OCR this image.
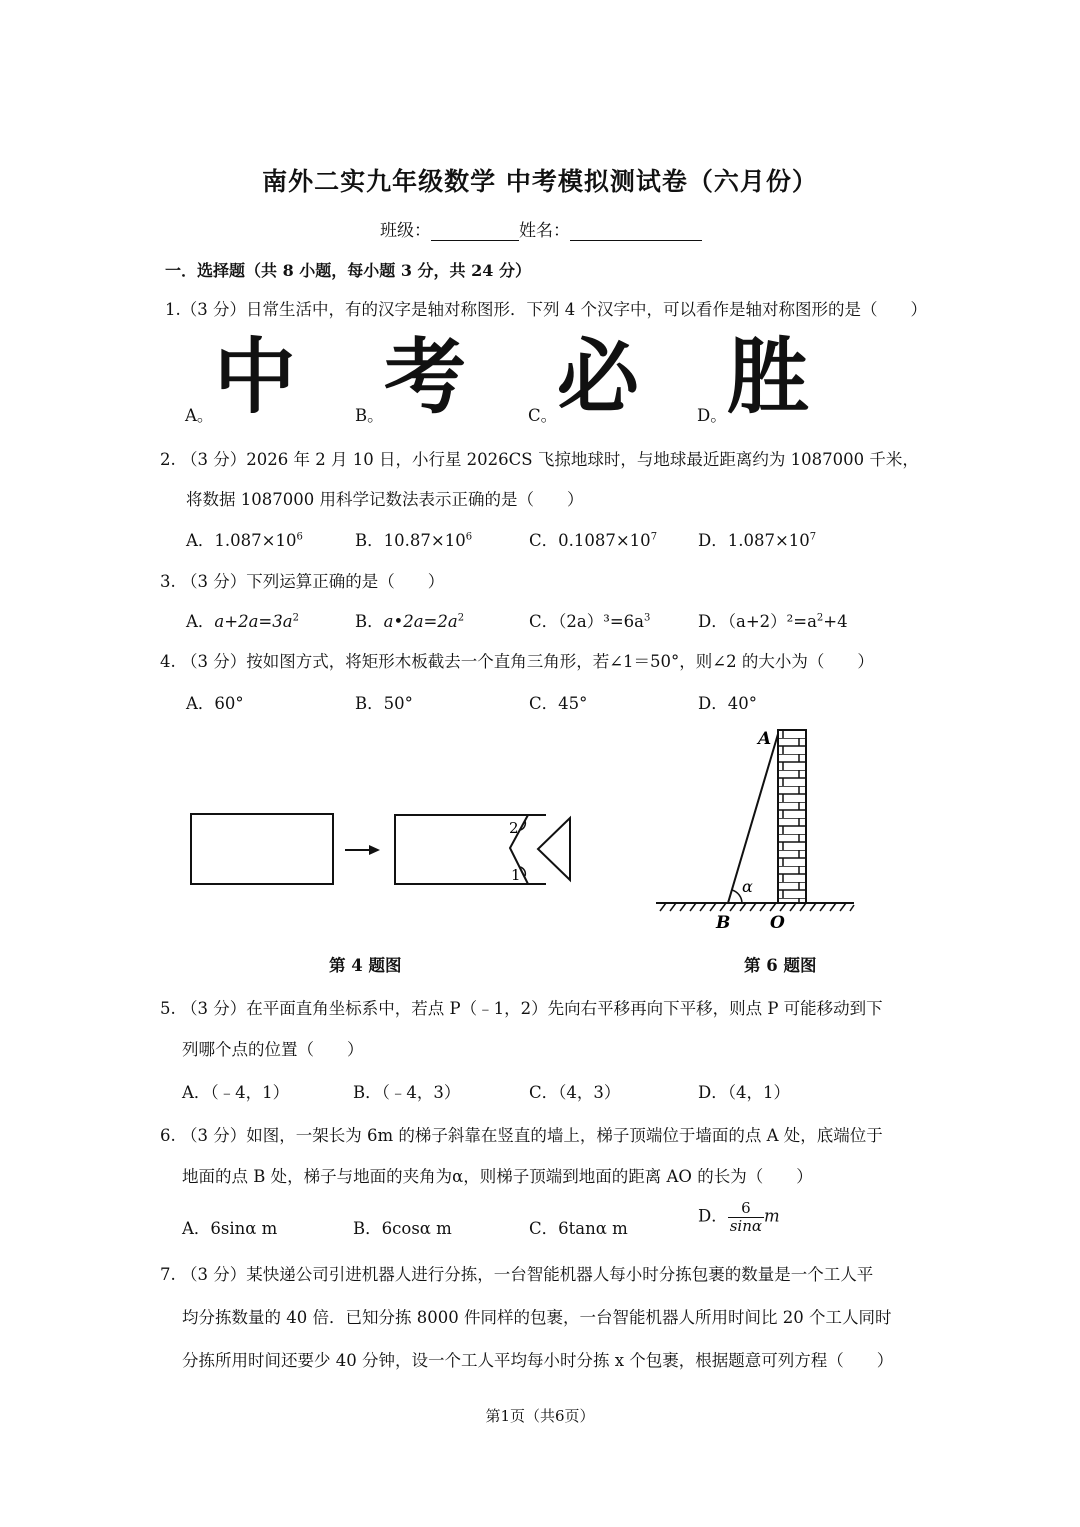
南外二实九年级数学 中考模拟测试卷（六月份）
班级：	姓名：
一．选择题（共 8 小题，每小题 3 分，共 24 分）
1.（3 分）日常生活中，有的汉字是轴对称图形．下列 4 个汉字中，可以看作是轴对称图形的是（　　）
A。 中	B。 考	C。 必	D。 胜
2. （3 分）2026 年 2 月 10 日，小行星 2026CS 飞掠地球时，与地球最近距离约为 1087000 千米，
将数据 1087000 用科学记数法表示正确的是（　　）
A．$1.087\times 10^6$	B．$10.87\times 10^6$	C．$0.1087\times 10^7$ D．$1.087\times 10^7$
3. （3 分）下列运算正确的是（　　）
A．$a+2a=3a^2$	B．$a•2a=2a^2$	C．$(2a)^3=6a^3$	D．$(a+2)^2=a^2+4$
4. （3 分）按如图方式，将矩形木板截去一个直角三角形，若∠1＝50°，则∠2 的大小为（　　）
A．60°	B．50°	C．45°	D．40°
2
1
第 4 题图
A
B O
α
第 6 题图
5. （3 分）在平面直角坐标系中，若点 P（﹣1，2）先向右平移再向下平移，则点 P 可能移动到下
列哪个点的位置（　　）
A．（﹣4，1）	B．（﹣4，3）	C．（4，3）	D．（4，1）
6. （3 分）如图，一架长为 6m 的梯子斜靠在竖直的墙上，梯子顶端位于墙面的点 A 处，底端位于
地面的点 B 处，梯子与地面的夹角为α，则梯子顶端到地面的距离 AO 的长为（　　）
A．6sinα m	B．6cosα m	C．6tanα m
D． $\frac{6}{\sin\alpha}$ m
7. （3 分）某快递公司引进机器人进行分拣，一台智能机器人每小时分拣包裹的数量是一个工人平
均分拣数量的 40 倍．已知分拣 8000 件同样的包裹，一台智能机器人所用时间比 20 个工人同时
分拣所用时间还要少 40 分钟，设一个工人平均每小时分拣 x 个包裹，根据题意可列方程（　　）
第1页（共6页）
